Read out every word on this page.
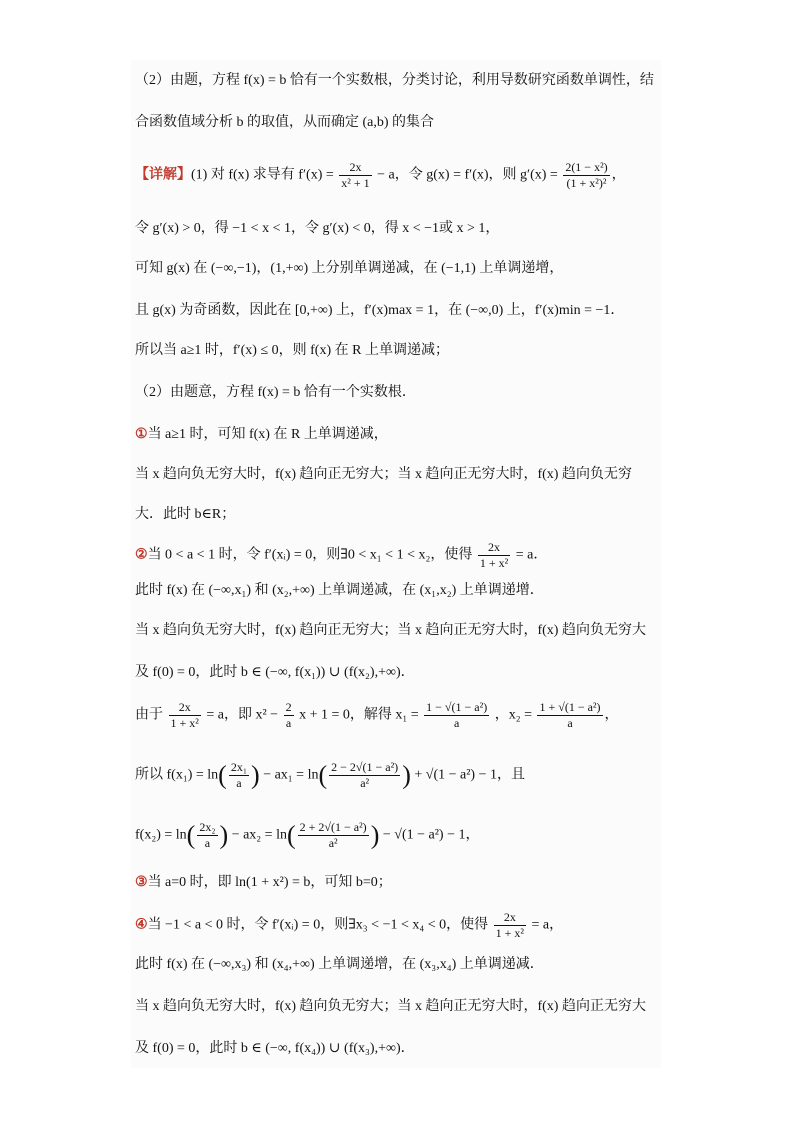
（2）由题，方程 f(x) = b 恰有一个实数根，分类讨论，利用导数研究函数单调性，结
合函数值域分析 b 的取值，从而确定 (a,b) 的集合
【详解】(1) 对 f(x) 求导有 $f'(x) = \frac{2x}{\text{x² + 1}} - a$，令 g(x) = f′(x)，则 $g'(x) = \frac{\text{2(1 − x²)}}{\text{(1 + x²)²}}$ ，
令 g′(x) > 0，得 −1 < x < 1，令 g′(x) < 0，得 x < −1或 x > 1，
可知 g(x) 在 (−∞,−1)，(1,+∞) 上分别单调递减，在 (−1,1) 上单调递增，
且 g(x) 为奇函数，因此在 [0,+∞) 上，f′(x)max = 1，在 (−∞,0) 上，f′(x)min = −1．
所以当 a≥1 时，f′(x) ≤ 0，则 f(x) 在 R 上单调递减；
（2）由题意，方程 f(x) = b 恰有一个实数根．
①当 a≥1 时，可知 f(x) 在 R 上单调递减，
当 x 趋向负无穷大时，f(x) 趋向正无穷大；当 x 趋向正无穷大时，f(x) 趋向负无穷
大．此时 b∈R；
②当 0 < a < 1 时，令 f′(xᵢ) = 0，则∃0 < x₁ < 1 < x₂，使得 $\frac{2x}{\text{1 + x²}} = a$．
此时 f(x) 在 (−∞,x₁) 和 (x₂,+∞) 上单调递减，在 (x₁,x₂) 上单调递增．
当 x 趋向负无穷大时，f(x) 趋向正无穷大；当 x 趋向正无穷大时，f(x) 趋向负无穷大
及 f(0) = 0，此时 b ∈ (−∞, f(x₁)) ∪ (f(x₂),+∞)．
由于 $\frac{2x}{\text{1 + x²}} = a$，即 $x^2 - \frac{2}{a}$ x + 1 = 0，解得 $x_1 = \frac{\text{1 − √(1 − a²)}}{a}$ ，$x_2 = \frac{\text{1 + √(1 − a²)}}{a}$ ，
所以 $f(x_1) = \ln( \frac{\text{2x₁}}{a}$ ) − $ax_1 = \ln( \frac{\text{2 − 2√(1 − a²)}}{\text{a²}}$ ) + √(1 − a²) − 1，且
$f(x_2) = \ln( \frac{\text{2x₂}}{a}$ ) − $ax_2 = \ln( \frac{\text{2 + 2√(1 − a²)}}{\text{a²}}$ ) − √(1 − a²) − 1，
③当 a=0 时，即 ln(1 + x²) = b，可知 b=0；
④当 −1 < a < 0 时，令 f′(xᵢ) = 0，则∃x₃ < −1 < x₄ < 0，使得 $\frac{2x}{\text{1 + x²}} = a$，
此时 f(x) 在 (−∞,x₃) 和 (x₄,+∞) 上单调递增，在 (x₃,x₄) 上单调递减．
当 x 趋向负无穷大时，f(x) 趋向负无穷大；当 x 趋向正无穷大时，f(x) 趋向正无穷大
及 f(0) = 0，此时 b ∈ (−∞, f(x₄)) ∪ (f(x₃),+∞)．
